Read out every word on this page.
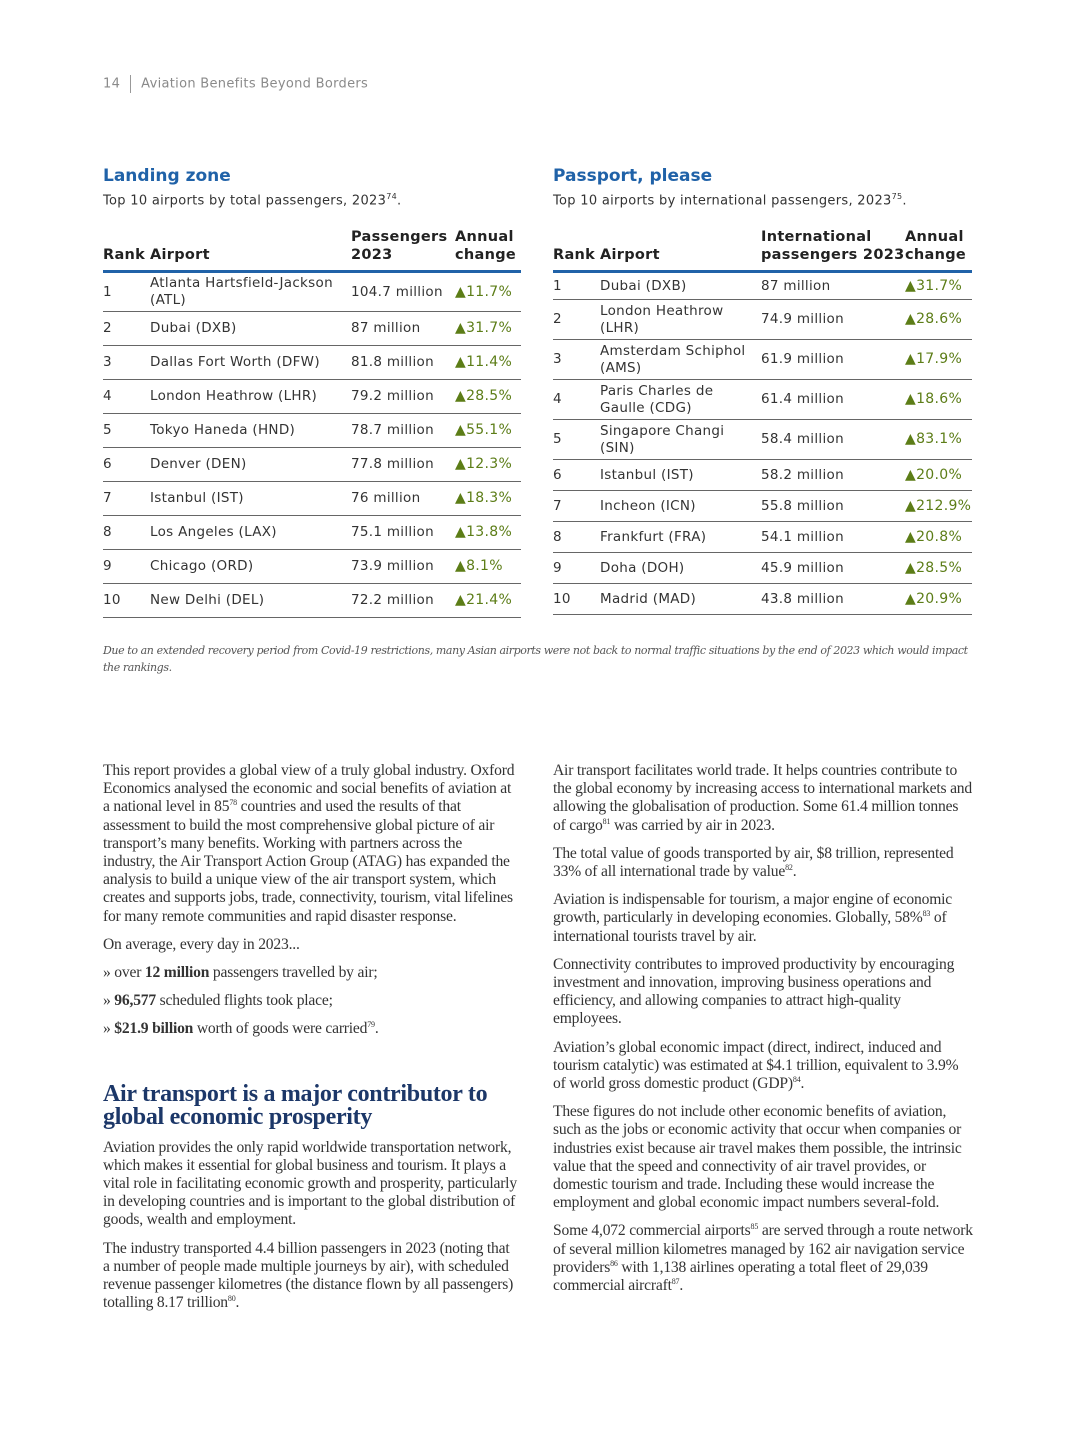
14 Aviation Benefits Beyond Borders
Landing zone
Top 10 airports by total passengers, 2023$^{74}$.
Rank	Airport	Passengers 2023	Annual change
1	Atlanta Hartsfield-Jackson (ATL)	104.7 million	▲11.7%
2	Dubai (DXB)	87 million	▲31.7%
3	Dallas Fort Worth (DFW)	81.8 million	▲11.4%
4	London Heathrow (LHR)	79.2 million	▲28.5%
5	Tokyo Haneda (HND)	78.7 million	▲55.1%
6	Denver (DEN)	77.8 million	▲12.3%
7	Istanbul (IST)	76 million	▲18.3%
8	Los Angeles (LAX)	75.1 million	▲13.8%
9	Chicago (ORD)	73.9 million	▲8.1%
10	New Delhi (DEL)	72.2 million	▲21.4%
Passport, please
Top 10 airports by international passengers, 2023$^{75}$.
Rank	Airport	International passengers 2023	Annual change
1	Dubai (DXB)	87 million	▲31.7%
2	London Heathrow (LHR)	74.9 million	▲28.6%
3	Amsterdam Schiphol (AMS)	61.9 million	▲17.9%
4	Paris Charles de Gaulle (CDG)	61.4 million	▲18.6%
5	Singapore Changi (SIN)	58.4 million	▲83.1%
6	Istanbul (IST)	58.2 million	▲20.0%
7	Incheon (ICN)	55.8 million	▲212.9%
8	Frankfurt (FRA)	54.1 million	▲20.8%
9	Doha (DOH)	45.9 million	▲28.5%
10	Madrid (MAD)	43.8 million	▲20.9%
Due to an extended recovery period from Covid-19 restrictions, many Asian airports were not back to normal traffic situations by the end of 2023 which would impact the rankings.

This report provides a global view of a truly global industry. Oxford Economics analysed the economic and social benefits of aviation at a national level in $85^{78}$ countries and used the results of that assessment to build the most comprehensive global picture of air transport’s many benefits. Working with partners across the industry, the Air Transport Action Group (ATAG) has expanded the analysis to build a unique view of the air transport system, which creates and supports jobs, trade, connectivity, tourism, vital lifelines for many remote communities and rapid disaster response.

On average, every day in 2023...

» over 12 million passengers travelled by air;

» 96,577 scheduled flights took place;

» $21.9 billion worth of goods were carried$^{79}$.

Air transport is a major contributor to global economic prosperity

Aviation provides the only rapid worldwide transportation network, which makes it essential for global business and tourism. It plays a vital role in facilitating economic growth and prosperity, particularly in developing countries and is important to the global distribution of goods, wealth and employment.

The industry transported 4.4 billion passengers in 2023 (noting that a number of people made multiple journeys by air), with scheduled revenue passenger kilometres (the distance flown by all passengers) totalling 8.17 trillion$^{80}$.

Air transport facilitates world trade. It helps countries contribute to the global economy by increasing access to international markets and allowing the globalisation of production. Some 61.4 million tonnes of cargo$^{81}$ was carried by air in 2023.

The total value of goods transported by air, $8 trillion, represented 33% of all international trade by value$^{82}$.

Aviation is indispensable for tourism, a major engine of economic growth, particularly in developing economies. Globally, 58%$^{83}$ of international tourists travel by air.

Connectivity contributes to improved productivity by encouraging investment and innovation, improving business operations and efficiency, and allowing companies to attract high-quality employees.

Aviation’s global economic impact (direct, indirect, induced and tourism catalytic) was estimated at $4.1 trillion, equivalent to 3.9% of world gross domestic product (GDP)$^{84}$.

These figures do not include other economic benefits of aviation, such as the jobs or economic activity that occur when companies or industries exist because air travel makes them possible, the intrinsic value that the speed and connectivity of air travel provides, or domestic tourism and trade. Including these would increase the employment and global economic impact numbers several-fold.

Some 4,072 commercial airports$^{85}$ are served through a route network of several million kilometres managed by 162 air navigation service providers$^{86}$ with 1,138 airlines operating a total fleet of 29,039 commercial aircraft$^{87}$.
